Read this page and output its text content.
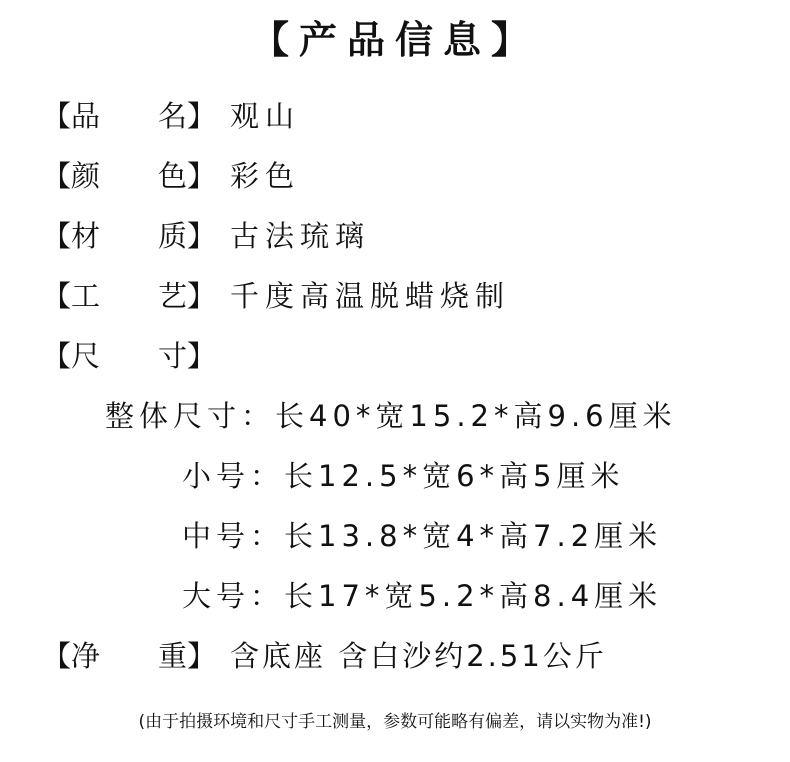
【产品信息】
【品　　名】 观山
【颜　　色】 彩色
【材　　质】 古法琉璃
【工　　艺】 千度高温脱蜡烧制
【尺　　寸】
整体尺寸：长40*宽15.2*高9.6厘米
小号：长12.5*宽6*高5厘米
中号：长13.8*宽4*高7.2厘米
大号：长17*宽5.2*高8.4厘米
【净　　重】 含底座 含白沙约2.51公斤
(由于拍摄环境和尺寸手工测量，参数可能略有偏差，请以实物为准!)
